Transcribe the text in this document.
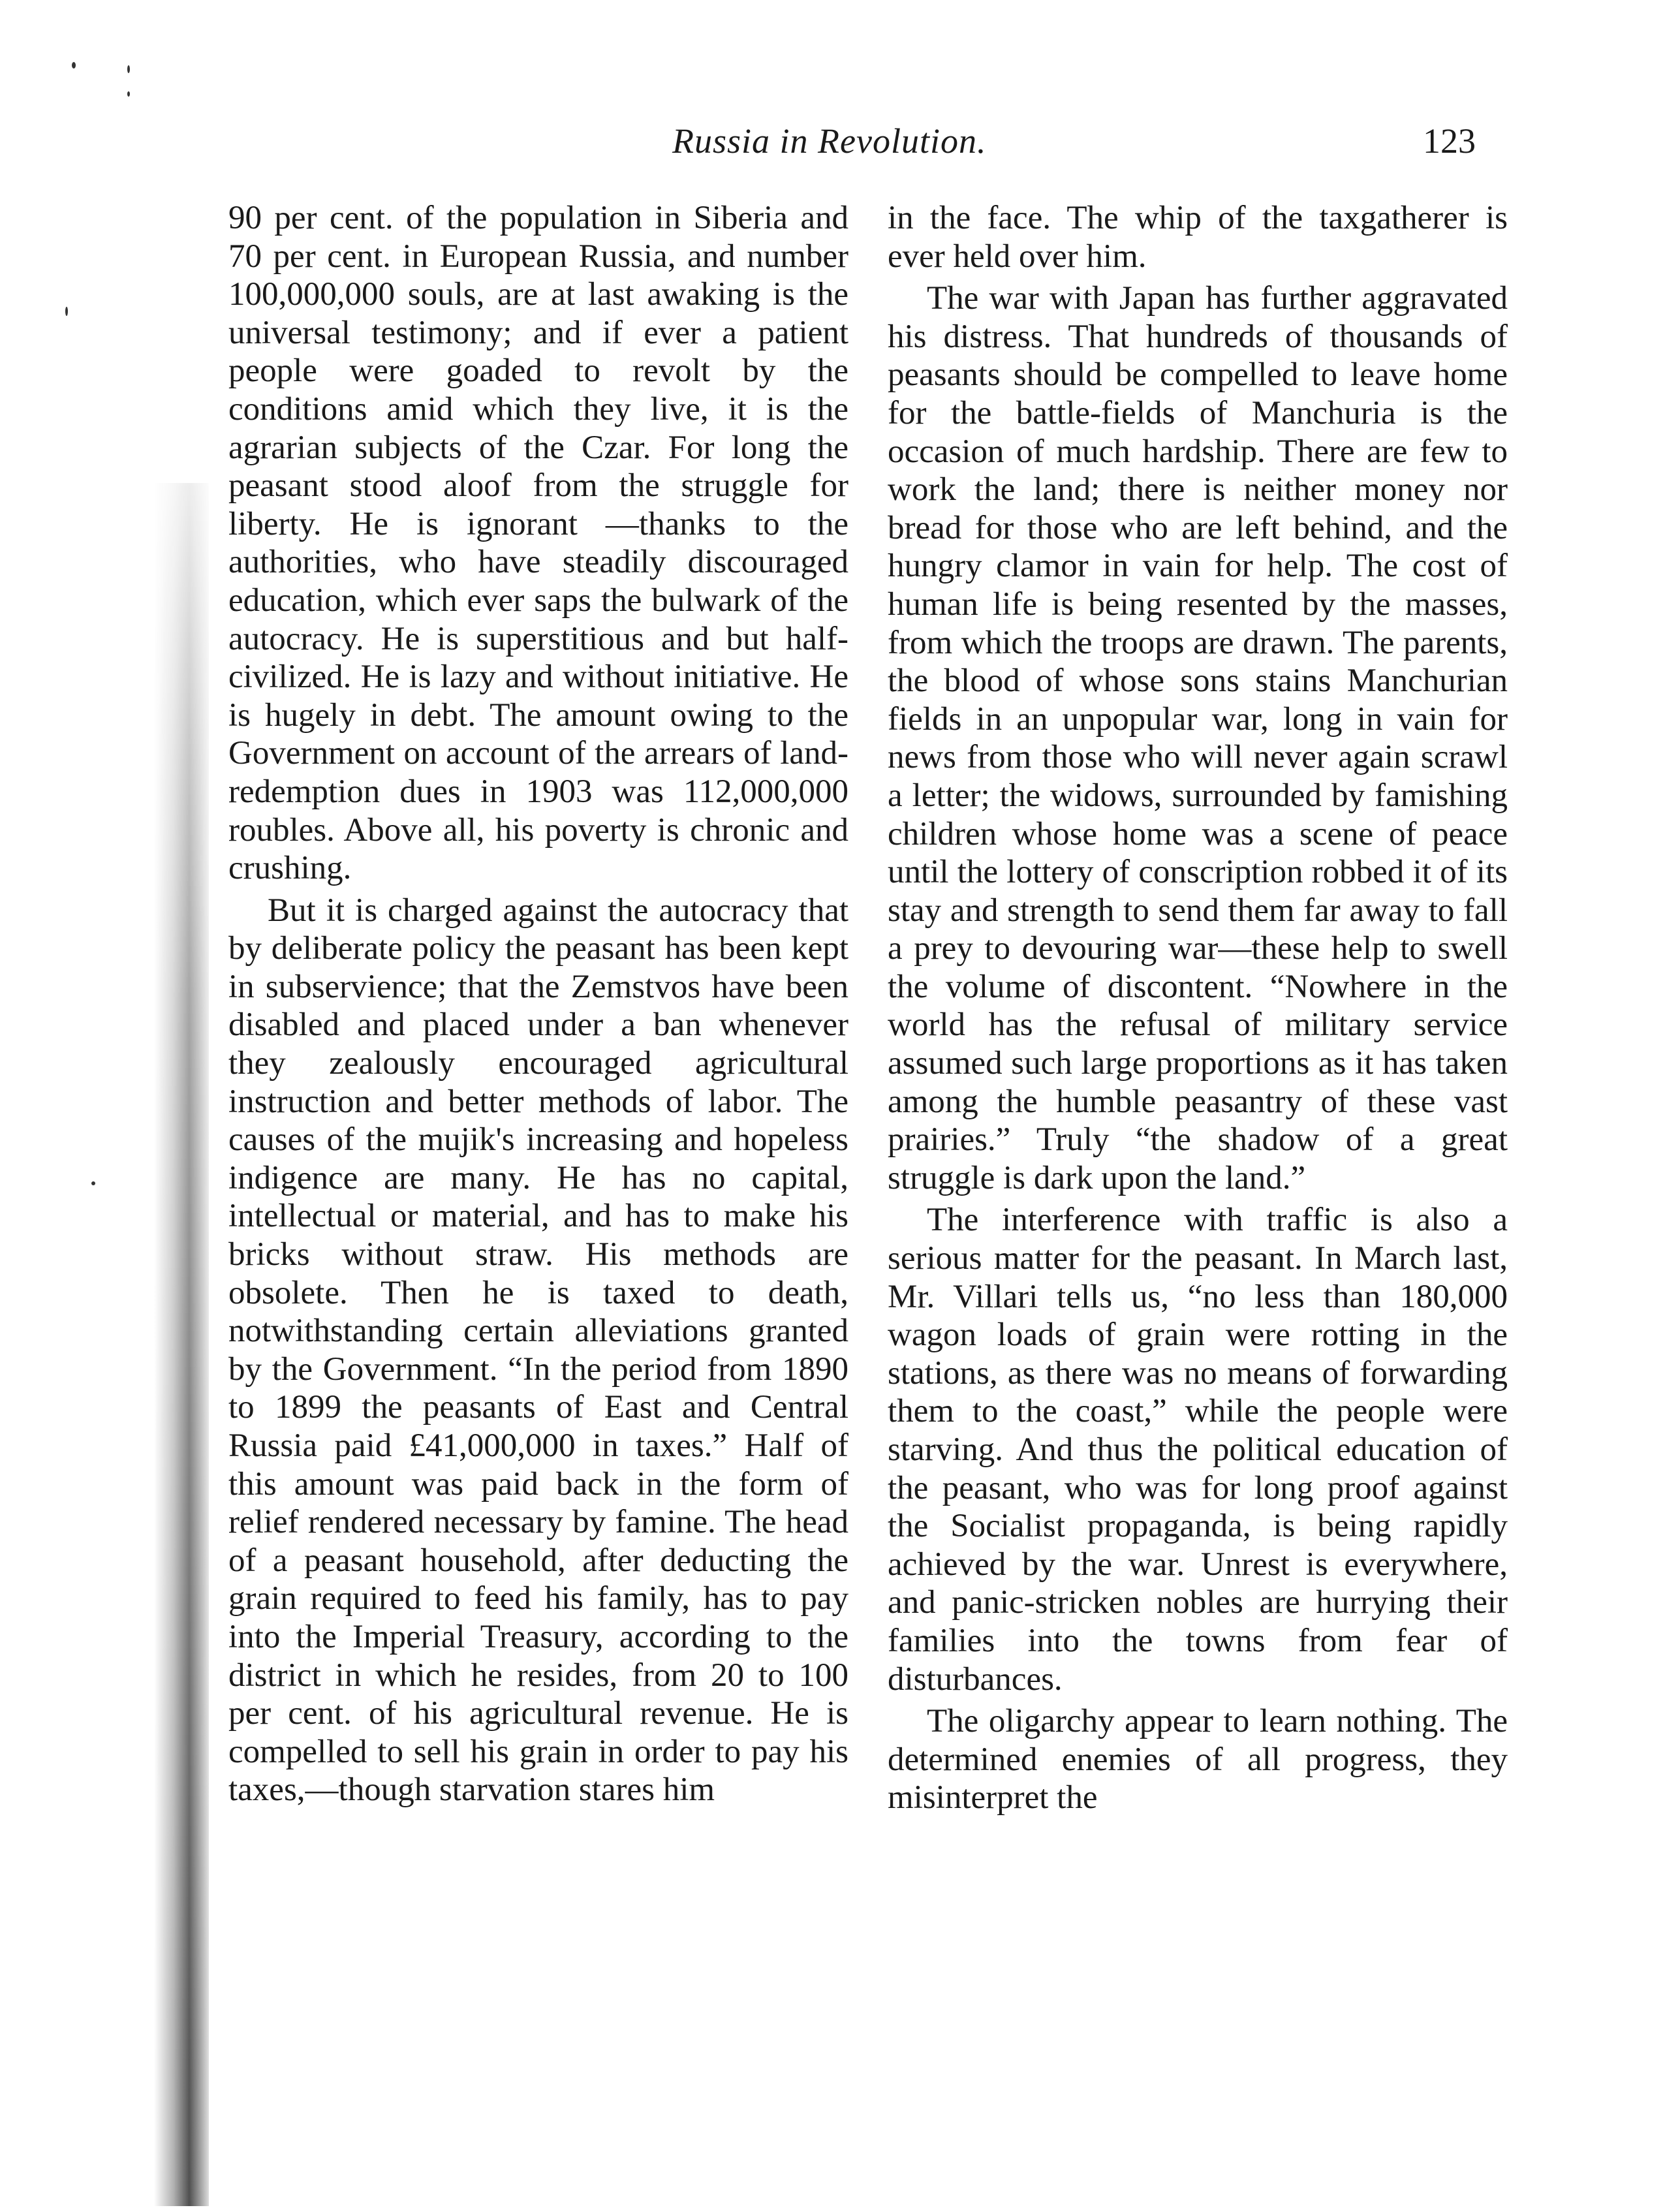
Russia in Revolution.	123

90 per cent. of the population in Siberia and 70 per cent. in European Russia, and number 100,000,000 souls, are at last awaking is the universal testimony; and if ever a patient people were goaded to revolt by the conditions amid which they live, it is the agrarian subjects of the Czar. For long the peasant stood aloof from the struggle for liberty. He is ignorant —thanks to the authorities, who have steadily discouraged education, which ever saps the bulwark of the autocracy. He is superstitious and but half-civilized. He is lazy and without initiative. He is hugely in debt. The amount owing to the Government on account of the arrears of land-redemption dues in 1903 was 112,000,000 roubles. Above all, his poverty is chronic and crushing.

But it is charged against the autocracy that by deliberate policy the peasant has been kept in subservience; that the Zemstvos have been disabled and placed under a ban whenever they zealously encouraged agricultural instruction and better methods of labor. The causes of the mujik's increasing and hopeless indigence are many. He has no capital, intellectual or material, and has to make his bricks without straw. His methods are obsolete. Then he is taxed to death, notwithstanding certain alleviations granted by the Government. “In the period from 1890 to 1899 the peasants of East and Central Russia paid £41,000,000 in taxes.” Half of this amount was paid back in the form of relief rendered necessary by famine. The head of a peasant household, after deducting the grain required to feed his family, has to pay into the Imperial Treasury, according to the district in which he resides, from 20 to 100 per cent. of his agricultural revenue. He is compelled to sell his grain in order to pay his taxes,—though starvation stares him

in the face. The whip of the taxgatherer is ever held over him.

The war with Japan has further aggravated his distress. That hundreds of thousands of peasants should be compelled to leave home for the battle-fields of Manchuria is the occasion of much hardship. There are few to work the land; there is neither money nor bread for those who are left behind, and the hungry clamor in vain for help. The cost of human life is being resented by the masses, from which the troops are drawn. The parents, the blood of whose sons stains Manchurian fields in an unpopular war, long in vain for news from those who will never again scrawl a letter; the widows, surrounded by famishing children whose home was a scene of peace until the lottery of conscription robbed it of its stay and strength to send them far away to fall a prey to devouring war—these help to swell the volume of discontent. “Nowhere in the world has the refusal of military service assumed such large proportions as it has taken among the humble peasantry of these vast prairies.” Truly “the shadow of a great struggle is dark upon the land.”

The interference with traffic is also a serious matter for the peasant. In March last, Mr. Villari tells us, “no less than 180,000 wagon loads of grain were rotting in the stations, as there was no means of forwarding them to the coast,” while the people were starving. And thus the political education of the peasant, who was for long proof against the Socialist propaganda, is being rapidly achieved by the war. Unrest is everywhere, and panic-stricken nobles are hurrying their families into the towns from fear of disturbances.

The oligarchy appear to learn nothing. The determined enemies of all progress, they misinterpret the
